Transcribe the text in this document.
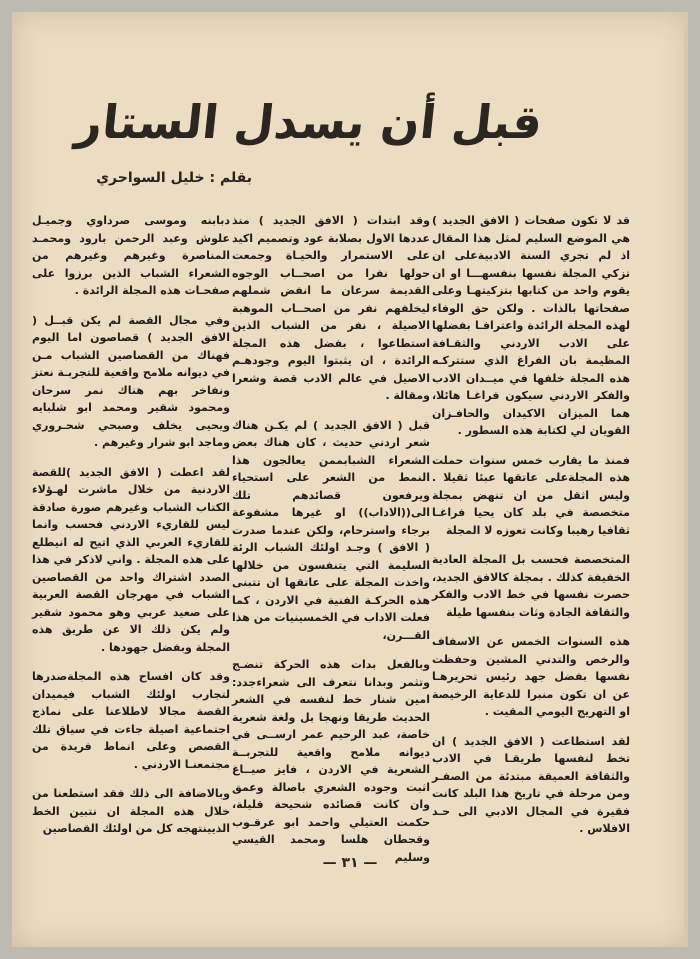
قبل أن يسدل الستار
بقلم : خليل السواحري

قد لا تكون صفحات ( الافق الجديد ) هي الموضع السليم لمثل هذا المقال اذ لم تجري السنة الادبيةعلى ان تزكي المجلة نفسها بنفسهـــا او ان يقوم واحد من كتابها بتزكيتهـا وعلى صفحاتها بالذات . ولكن حق الوفاء لهذه المجلة الرائدة واعترافـا بفضلها على الادب الاردني والثقـافة المظيمة بان الفراغ الذي ستتركـه هذه المجلة خلفها في ميــدان الادب والفكر الاردني سيكون فراغـا هائلا، هما الميزان الاكيدان والحافـزان القويان لي لكتابة هذه السطور .

فمنذ ما يقارب خمس سنوات حملت هذه المجلةعلى عاتقها عبئا ثقيلا . وليس اثقل من ان تنهض بمجلة متخصصة في بلد كان يحيا فراغـا ثقافيا رهيبا وكانت تعوزه لا المجلة

المتخصصة فحسب بل المجلة العادية الخفيفة كذلك . بمجلة كالافق الجديد، حصرت نفسها في خط الادب والفكر والثقافة الجادة وثات بنفسها طيلة

هذه السنوات الخمس عن الاسفاف والرخص والتدني المشين وحفظت نفسها بفضل جهد رئيس تحريرهـا عن ان تكون منبرا للدعاية الرخيصة او التهريج اليومي المقيت .

لقد استطاعت ( الافق الجديد ) ان تخط لنفسها طريقـا في الادب والثقافة العميقة مبتدئة من الصفـر ومن مرحلة في تاريخ هذا البلد كانت فقيرة في المجال الادبي الى حـد الافلاس .

وقد ابتدات ( الافق الجديد ) منذ عددها الاول بصلابة عود وتصميم اكيد على الاستمرار والحيـاة وجمعت حولها نفرا من اصحــاب الوجوه القديمة سرعان ما انفض شملهم ليخلفهم نفر من اصحــاب الموهبة الاصيلة ، نفر من الشباب الذين استطاعوا ، بفضل هذه المجلة الرائدة ، ان يثبتوا اليوم وجودهـم الاصيل في عالم الادب قصة وشعرا ومقالة .

قبل ( الافق الجديد ) لم يكـن هناك شعر اردني حديث ، كان هناك بعض الشعراء الشبابممن يعالجون هذا النمط من الشعر على استحياء ويرفعون قصائدهم تلك الى((الاداب)) او غيرها مشفوعة برجاء واسترحام، ولكن عندما صدرت ( الافق ) وجـد اولئك الشباب الرئة السليمة التي يتنفسون من خلالها واخذت المجلة على عاتقها ان تتبنى هذه الحركـة الفنية في الاردن ، كما فعلت الاداب في الخمسينيات من هذا القـــرن،

وبالفعل بدات هذه الحركة تنضـج وتثمر وبدانا نتعرف الى شعراءجدد: امين شنار خط لنفسه في الشعر الحديث طريقا ونهجا بل ولغة شعرية خاصة، عبد الرحيم عمر ارســى في ديوانه ملامح واقعية للتجربــة الشعرية في الاردن ، فايز صيــاغ اثبت وجوده الشعري باصالة وعمق وان كانت قصائده شحيحة قليلة، حكمت العتيلي واحمد ابو عرقـوب وقحطان هلسا ومحمد القيسي وسليم

دبابنه وموسى صرداوي وجميـل علوش وعبد الرحمن بارود ومحمـد المناصرة وغيرهم وغيرهم من الشعراء الشباب الذين برزوا على صفحـات هذه المجلة الرائدة .

وفي مجال القصة لم يكن قبــل ( الافق الجديد ) قصاصون اما اليوم فهناك من القصاصين الشباب مـن في ديوانه ملامح واقعية للتجربـة نعتز ونفاخر بهم هناك نمر سرحان ومحمود شقير ومحمد ابو شلبايه ويحيى يخلف وصبحي شحـروري وماجد ابو شرار وغيرهم .

لقد اعطت ( الافق الجديد )للقصة الاردنية من خلال ماشرت لهـؤلاء الكتاب الشباب وغيرهم صورة صادقة ليس للقاريء الاردني فحسب وانما للقاريء العربي الذي اتيح له انيطلع على هذه المجلة . واني لاذكر في هذا الصدد اشتراك واحد من القصاصين الشباب في مهرجان القصة العربية على صعيد عربي وهو محمود شقير ولم يكن ذلك الا عن طريق هذه المجلة وبفضل جهودها .

وقد كان افساح هذه المجلةصدرها لتجارب اولئك الشباب فيميدان القصة مجالا لاطلاعنا على نماذج اجتماعية اصيلة جاءت في سياق تلك القصص وعلى انماط فريدة من مجتمعنـا الاردني .

وبالاضافة الى ذلك فقد استطعنا من خلال هذه المجلة ان نتبين الخط الذيينتهجه كل من اولئك القصاصين

— ٣١ —
